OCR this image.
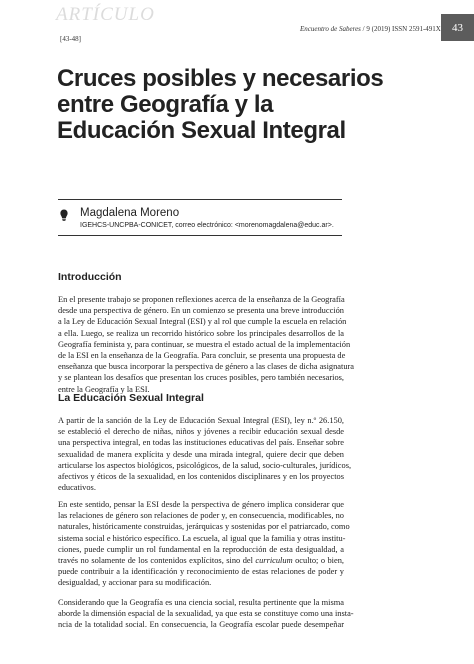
ARTÍCULO
Encuentro de Saberes / 9 (2019) ISSN 2591-491X	43
[43-48]
Cruces posibles y necesarios
entre Geografía y la
Educación Sexual Integral
Magdalena Moreno
IGEHCS-UNCPBA-CONICET, correo electrónico: <morenomagdalena@educ.ar>.
Introducción
En el presente trabajo se proponen reflexiones acerca de la enseñanza de la Geografía
desde una perspectiva de género. En un comienzo se presenta una breve introducción
a la Ley de Educación Sexual Integral (ESI) y al rol que cumple la escuela en relación
a ella. Luego, se realiza un recorrido histórico sobre los principales desarrollos de la
Geografía feminista y, para continuar, se muestra el estado actual de la implementación
de la ESI en la enseñanza de la Geografía. Para concluir, se presenta una propuesta de
enseñanza que busca incorporar la perspectiva de género a las clases de dicha asignatura
y se plantean los desafíos que presentan los cruces posibles, pero también necesarios,
entre la Geografía y la ESI.
La Educación Sexual Integral
A partir de la sanción de la Ley de Educación Sexual Integral (ESI), ley n.º 26.150,
se estableció el derecho de niñas, niños y jóvenes a recibir educación sexual desde
una perspectiva integral, en todas las instituciones educativas del país. Enseñar sobre
sexualidad de manera explícita y desde una mirada integral, quiere decir que deben
articularse los aspectos biológicos, psicológicos, de la salud, socio-culturales, jurídicos,
afectivos y éticos de la sexualidad, en los contenidos disciplinares y en los proyectos
educativos.
En este sentido, pensar la ESI desde la perspectiva de género implica considerar que
las relaciones de género son relaciones de poder y, en consecuencia, modificables, no
naturales, históricamente construidas, jerárquicas y sostenidas por el patriarcado, como
sistema social e histórico específico. La escuela, al igual que la familia y otras institu-
ciones, puede cumplir un rol fundamental en la reproducción de esta desigualdad, a
través no solamente de los contenidos explícitos, sino del curriculum oculto; o bien,
puede contribuir a la identificación y reconocimiento de estas relaciones de poder y
desigualdad, y accionar para su modificación.
Considerando que la Geografía es una ciencia social, resulta pertinente que la misma
aborde la dimensión espacial de la sexualidad, ya que esta se constituye como una insta-
ncia de la totalidad social. En consecuencia, la Geografía escolar puede desempeñar
